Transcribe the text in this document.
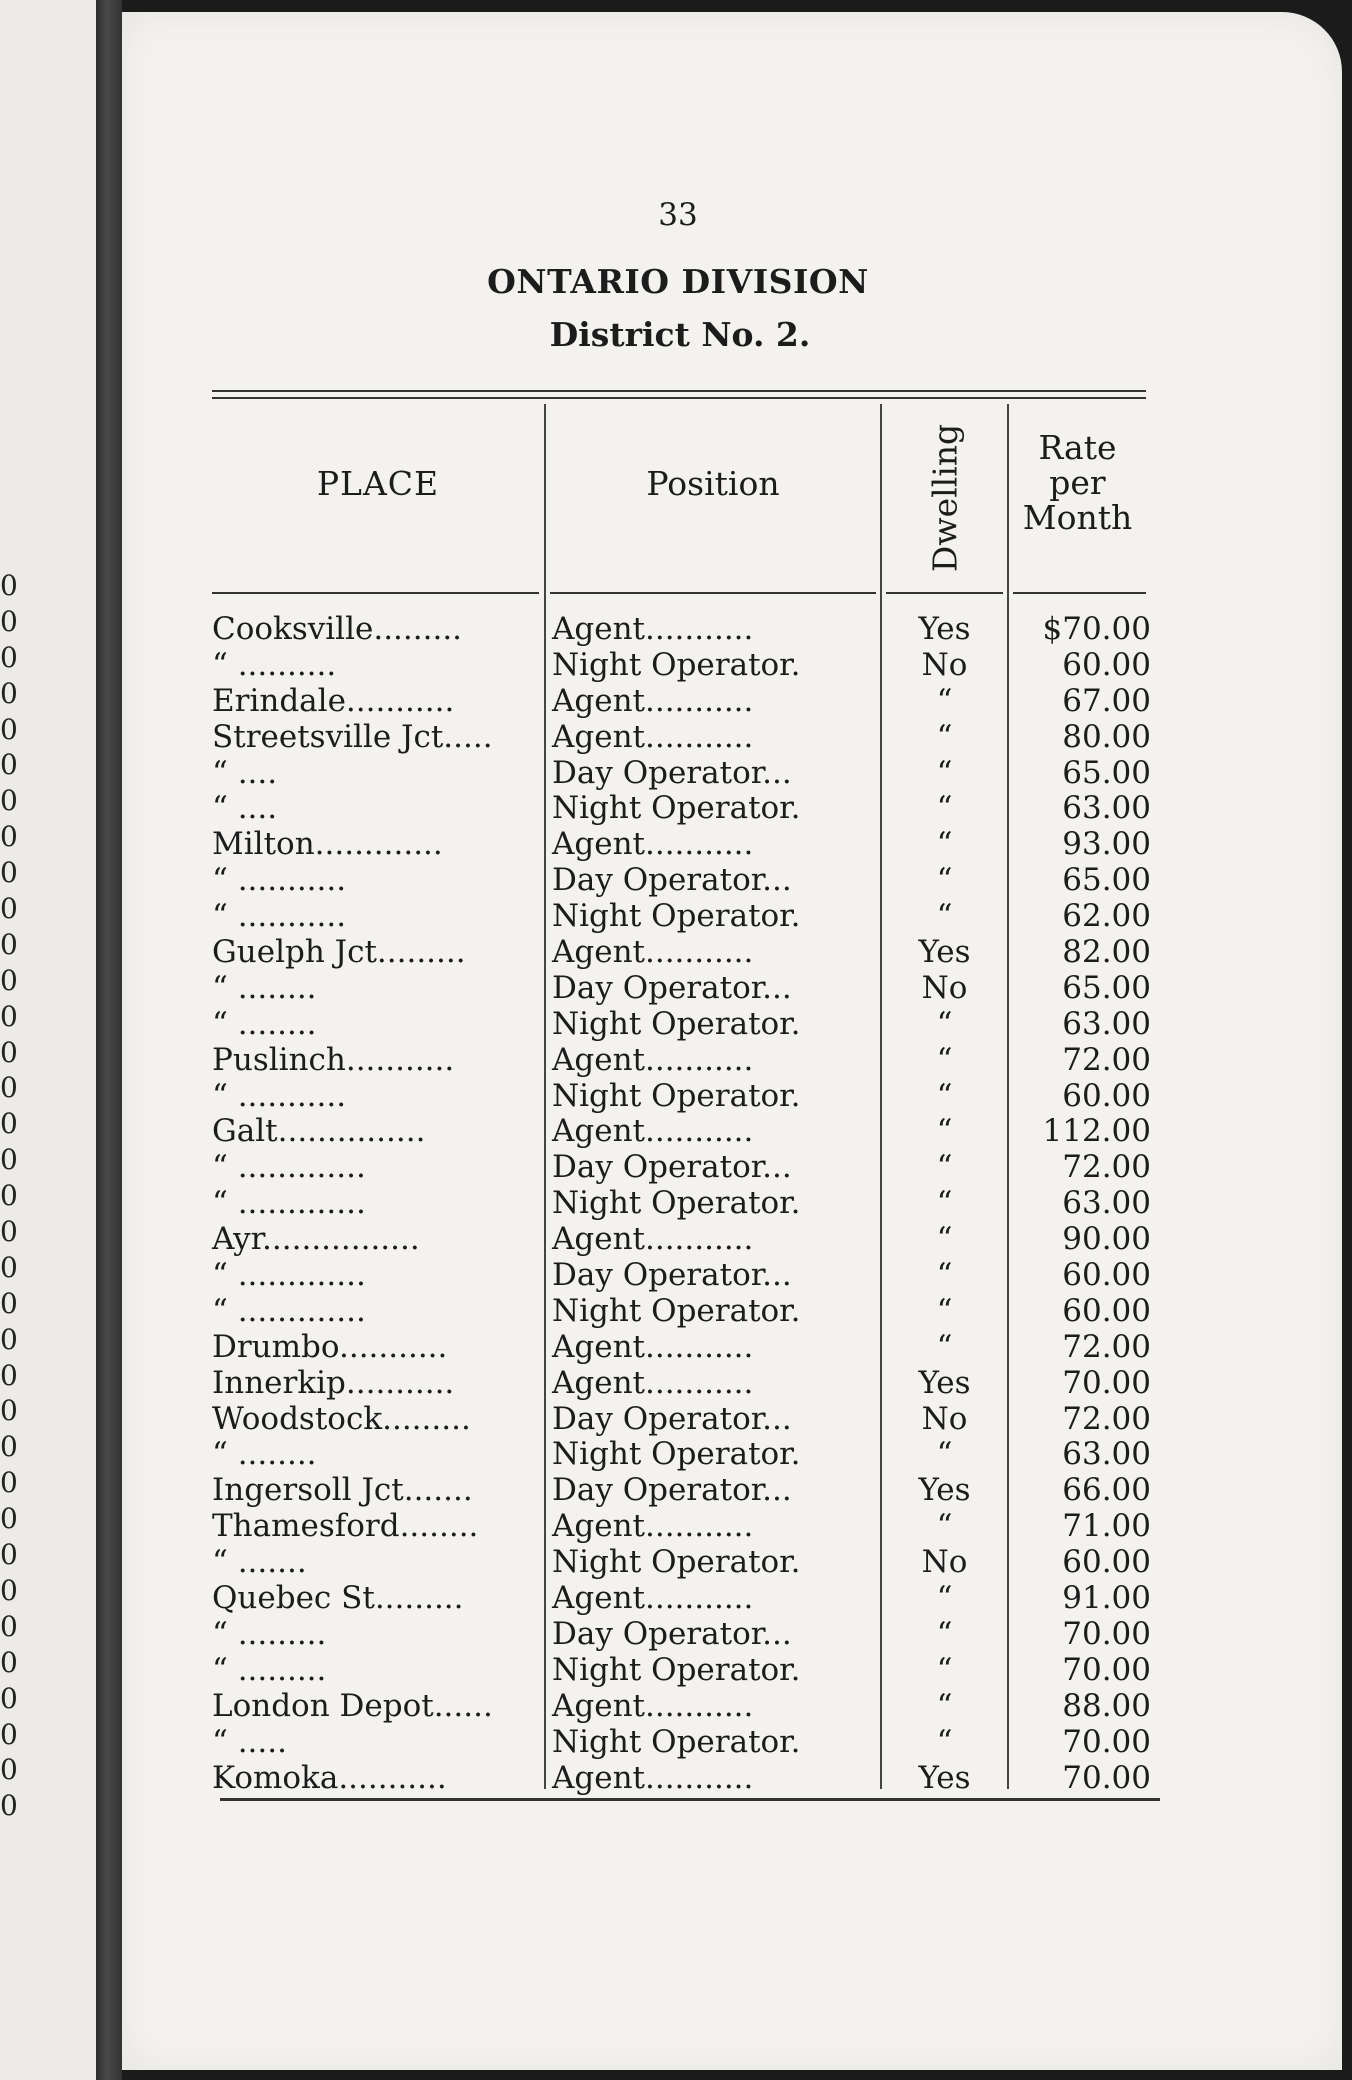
0
0
0
0
0
0
0
0
0
0
0
0
0
0
0
0
0
0
0
0
0
0
0
0
0
0
0
0
0
0
0
0
0
0
0
33
ONTARIO DIVISION
District No. 2.
PLACE	Position	Dwelling	Rate per Month
Cooksville.........	Agent...........	Yes	$70.00
“ ..........	Night Operator.	No	60.00
Erindale...........	Agent...........	“	67.00
Streetsville Jct.....	Agent...........	“	80.00
“ ....	Day Operator...	“	65.00
“ ....	Night Operator.	“	63.00
Milton.............	Agent...........	“	93.00
“ ...........	Day Operator...	“	65.00
“ ...........	Night Operator.	“	62.00
Guelph Jct.........	Agent...........	Yes	82.00
“ ........	Day Operator...	No	65.00
“ ........	Night Operator.	“	63.00
Puslinch...........	Agent...........	“	72.00
“ ...........	Night Operator.	“	60.00
Galt...............	Agent...........	“	112.00
“ .............	Day Operator...	“	72.00
“ .............	Night Operator.	“	63.00
Ayr................	Agent...........	“	90.00
“ .............	Day Operator...	“	60.00
“ .............	Night Operator.	“	60.00
Drumbo...........	Agent...........	“	72.00
Innerkip...........	Agent...........	Yes	70.00
Woodstock.........	Day Operator...	No	72.00
“ ........	Night Operator.	“	63.00
Ingersoll Jct.......	Day Operator...	Yes	66.00
Thamesford........	Agent...........	“	71.00
“ .......	Night Operator.	No	60.00
Quebec St.........	Agent...........	“	91.00
“ .........	Day Operator...	“	70.00
“ .........	Night Operator.	“	70.00
London Depot......	Agent...........	“	88.00
“ .....	Night Operator.	“	70.00
Komoka...........	Agent...........	Yes	70.00
